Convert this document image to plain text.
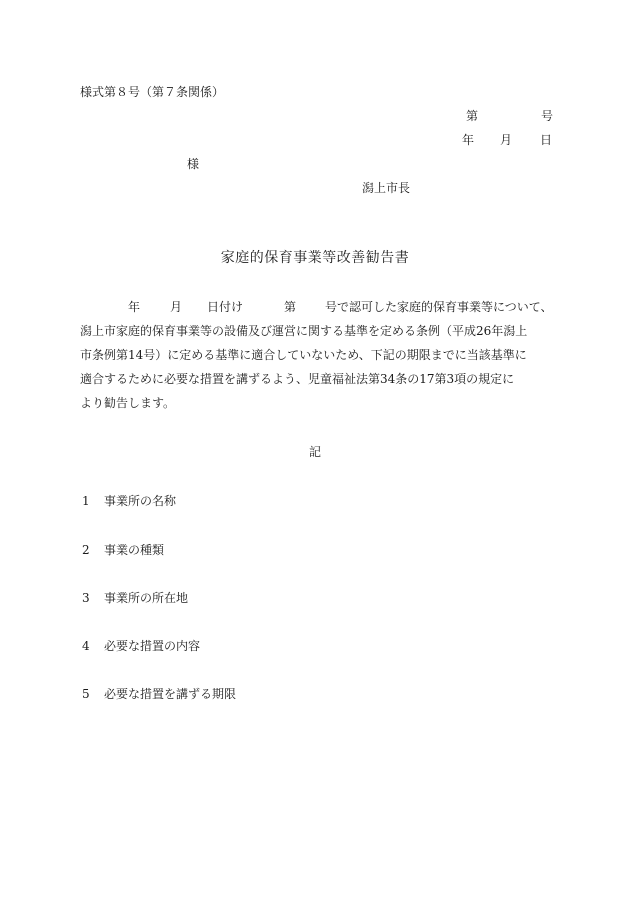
様式第８号（第７条関係）
第	号
年 月 日
様
潟上市長
家庭的保育事業等改善勧告書
年 月 日付け	第 号で認可した家庭的保育事業等について、
潟上市家庭的保育事業等の設備及び運営に関する基準を定める条例（平成26年潟上
市条例第14号）に定める基準に適合していないため、下記の期限までに当該基準に
適合するために必要な措置を講ずるよう、児童福祉法第34条の17第3項の規定に
より勧告します。
記
1 事業所の名称
2 事業の種類
3 事業所の所在地
4 必要な措置の内容
5 必要な措置を講ずる期限
